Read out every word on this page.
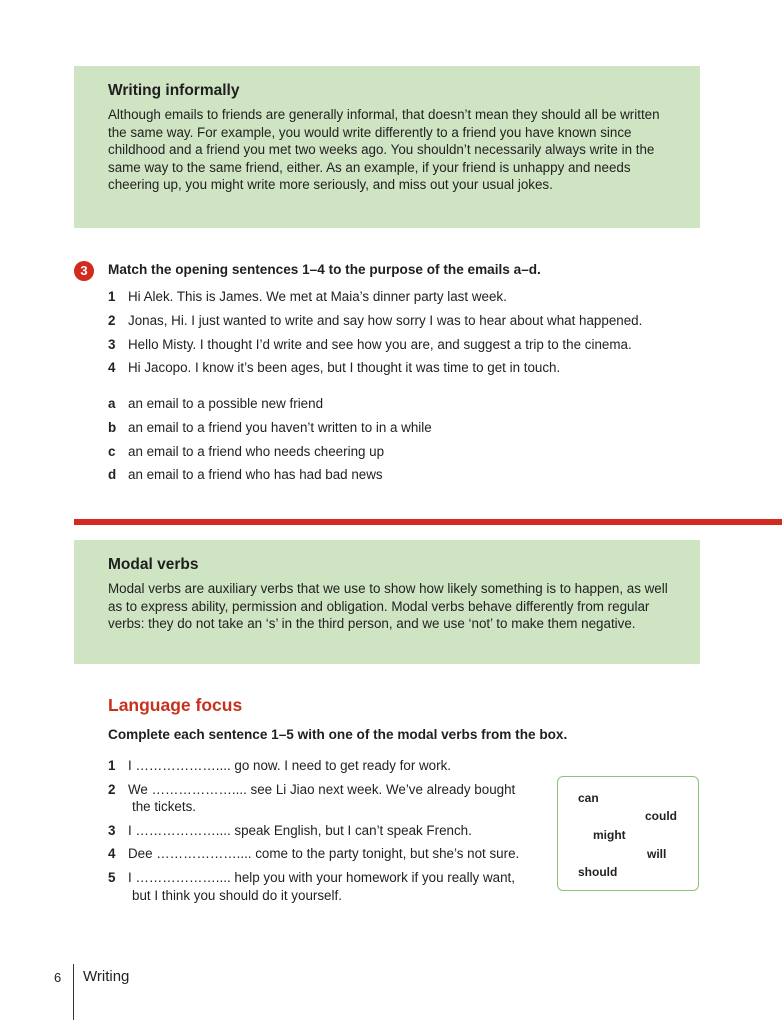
Writing informally

Although emails to friends are generally informal, that doesn’t mean they should all be written the same way. For example, you would write differently to a friend you have known since childhood and a friend you met two weeks ago. You shouldn’t necessarily always write in the same way to the same friend, either. As an example, if your friend is unhappy and needs cheering up, you might write more seriously, and miss out your usual jokes.

3	Match the opening sentences 1–4 to the purpose of the emails a–d.
1 Hi Alek. This is James. We met at Maia’s dinner party last week.
2 Jonas, Hi. I just wanted to write and say how sorry I was to hear about what happened.
3 Hello Misty. I thought I’d write and see how you are, and suggest a trip to the cinema.
4 Hi Jacopo. I know it’s been ages, but I thought it was time to get in touch.
a an email to a possible new friend
b an email to a friend you haven’t written to in a while
c an email to a friend who needs cheering up
d an email to a friend who has had bad news
Modal verbs

Modal verbs are auxiliary verbs that we use to show how likely something is to happen, as well as to express ability, permission and obligation. Modal verbs behave differently from regular verbs: they do not take an ‘s’ in the third person, and we use ‘not’ to make them negative.

Language focus
Complete each sentence 1–5 with one of the modal verbs from the box.
1 I ……………….... go now. I need to get ready for work.
2 We ……………….... see Li Jiao next week. We’ve already bought the tickets.
3 I ……………….... speak English, but I can’t speak French.
4 Dee ……………….... come to the party tonight, but she’s not sure.
5 I ……………….... help you with your homework if you really want, but I think you should do it yourself.
can
could
might
will
should
6 Writing
